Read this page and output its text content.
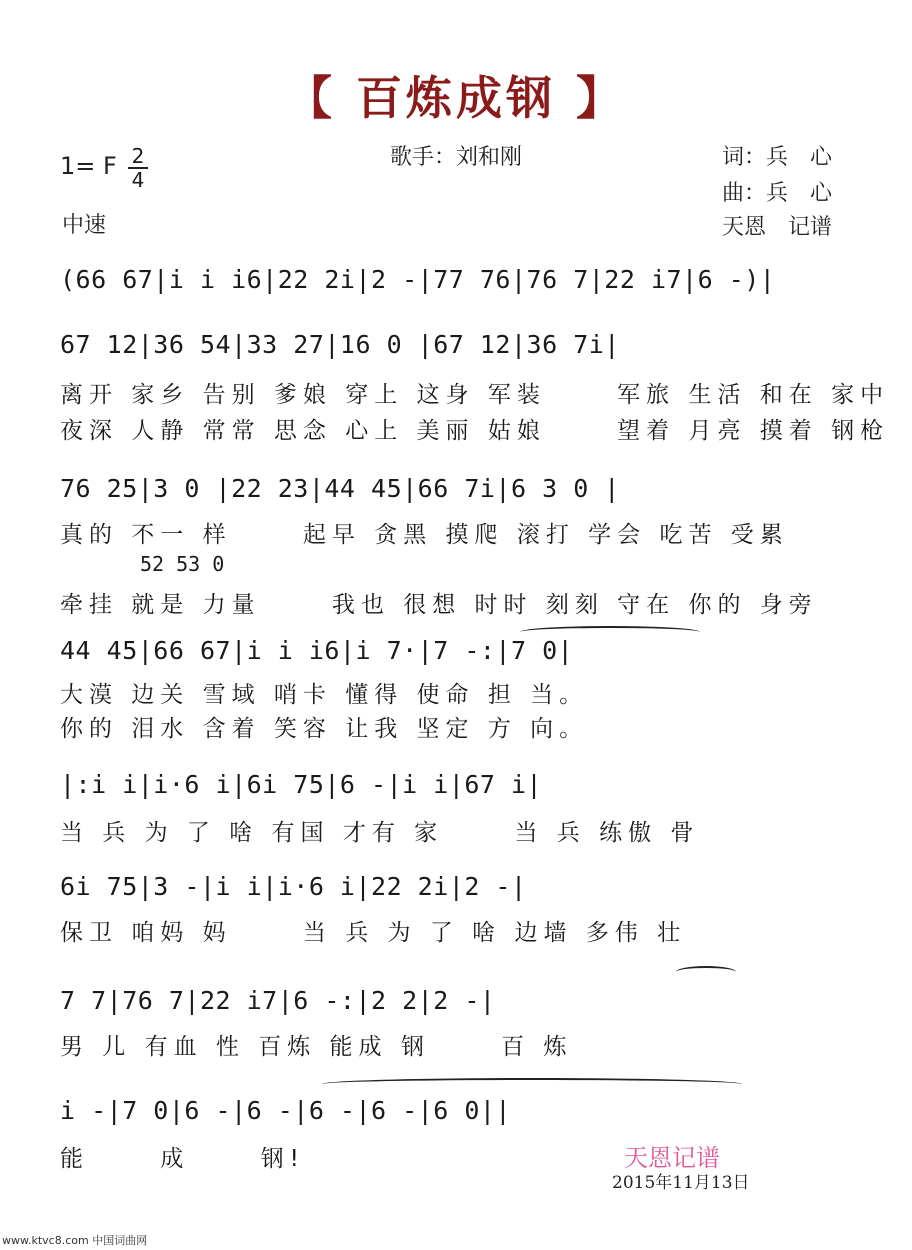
【 百炼成钢 】
1= F 2
4
中速
歌手：刘和刚	词：兵　心
曲：兵　心
天恩　记谱
(66 67|i i i6|22 2i|2 -|77 76|76 7|22 i7|6 -)|
67 12|36 54|33 27|16 0 |67 12|36 7i|
离开 家乡 告别 爹娘 穿上 这身 军装　　 军旅 生活 和在 家中
夜深 人静 常常 思念 心上 美丽 姑娘　　 望着 月亮 摸着 钢枪
76 25|3 0 |22 23|44 45|66 7i|6 3 0 |
真的 不一 样　　 起早 贪黑 摸爬 滚打 学会 吃苦 受累
52 53 0
牵挂 就是 力量　　 我也 很想 时时 刻刻 守在 你的 身旁
44 45|66 67|i i i6|i 7·|7 -:|7 0|
大漠 边关 雪域 哨卡 懂得 使命 担 当。
你的 泪水 含着 笑容 让我 坚定 方 向。
|:i i|i·6 i|6i 75|6 -|i i|67 i|
当 兵 为 了 啥 有国 才有 家　　 当 兵 练傲 骨
6i 75|3 -|i i|i·6 i|22 2i|2 -|
保卫 咱妈 妈　　 当 兵 为 了 啥 边墙 多伟 壮
7 7|76 7|22 i7|6 -:|2 2|2 -|
男 儿 有血 性 百炼 能成 钢　　 百 炼
i -|7 0|6 -|6 -|6 -|6 -|6 0||
能　　 成　　 钢!	天恩记谱
2015年11月13日
www.ktvc8.com 中国词曲网
